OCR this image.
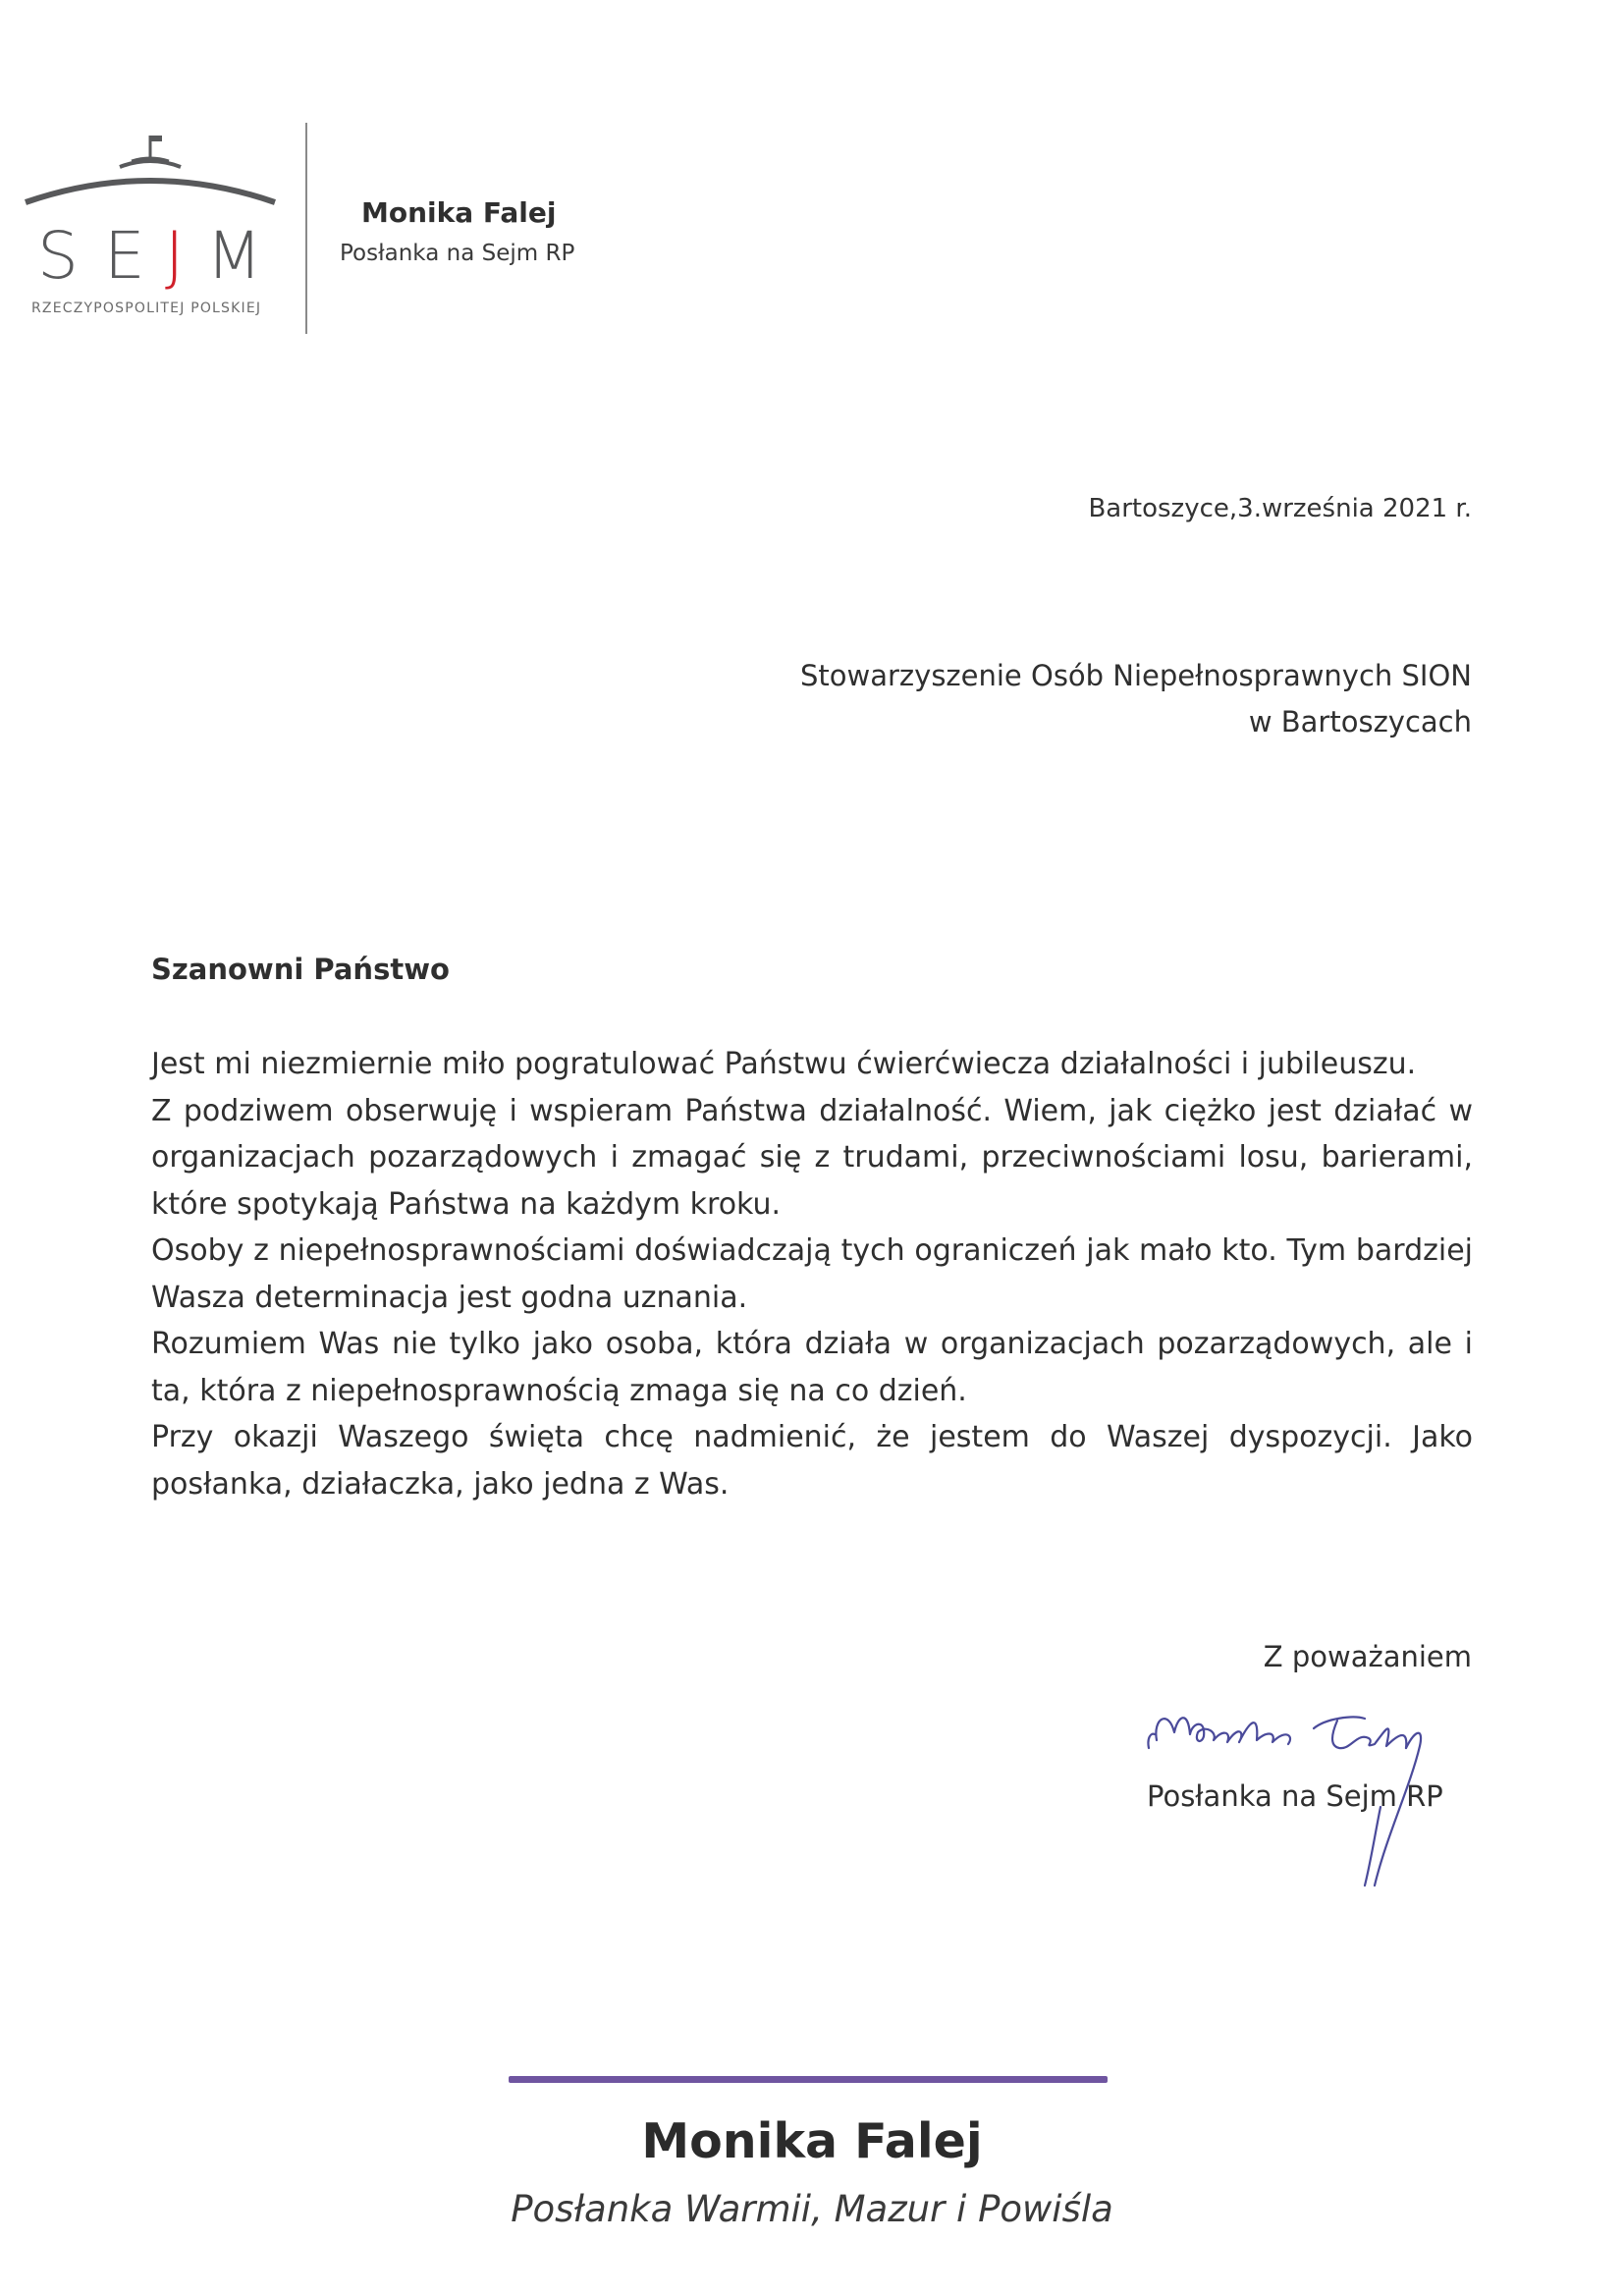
S E J M
RZECZYPOSPOLITEJ POLSKIEJ
Monika Falej
Posłanka na Sejm RP
Bartoszyce,3.września 2021 r.
Stowarzyszenie Osób Niepełnosprawnych SION
w Bartoszycach
Szanowni Państwo

Jest mi niezmiernie miło pogratulować Państwu ćwierćwiecza działalności i jubileuszu.

Z podziwem obserwuję i wspieram Państwa działalność. Wiem, jak ciężko jest działać w organizacjach pozarządowych i zmagać się z trudami, przeciwnościami losu, barierami, które spotykają Państwa na każdym kroku.

Osoby z niepełnosprawnościami doświadczają tych ograniczeń jak mało kto. Tym bardziej Wasza determinacja jest godna uznania.

Rozumiem Was nie tylko jako osoba, która działa w organizacjach pozarządowych, ale i ta, która z niepełnosprawnością zmaga się na co dzień.

Przy okazji Waszego święta chcę nadmienić, że jestem do Waszej dyspozycji. Jako posłanka, działaczka, jako jedna z Was.

Z poważaniem
Posłanka na Sejm RP
Monika Falej
Posłanka Warmii, Mazur i Powiśla
